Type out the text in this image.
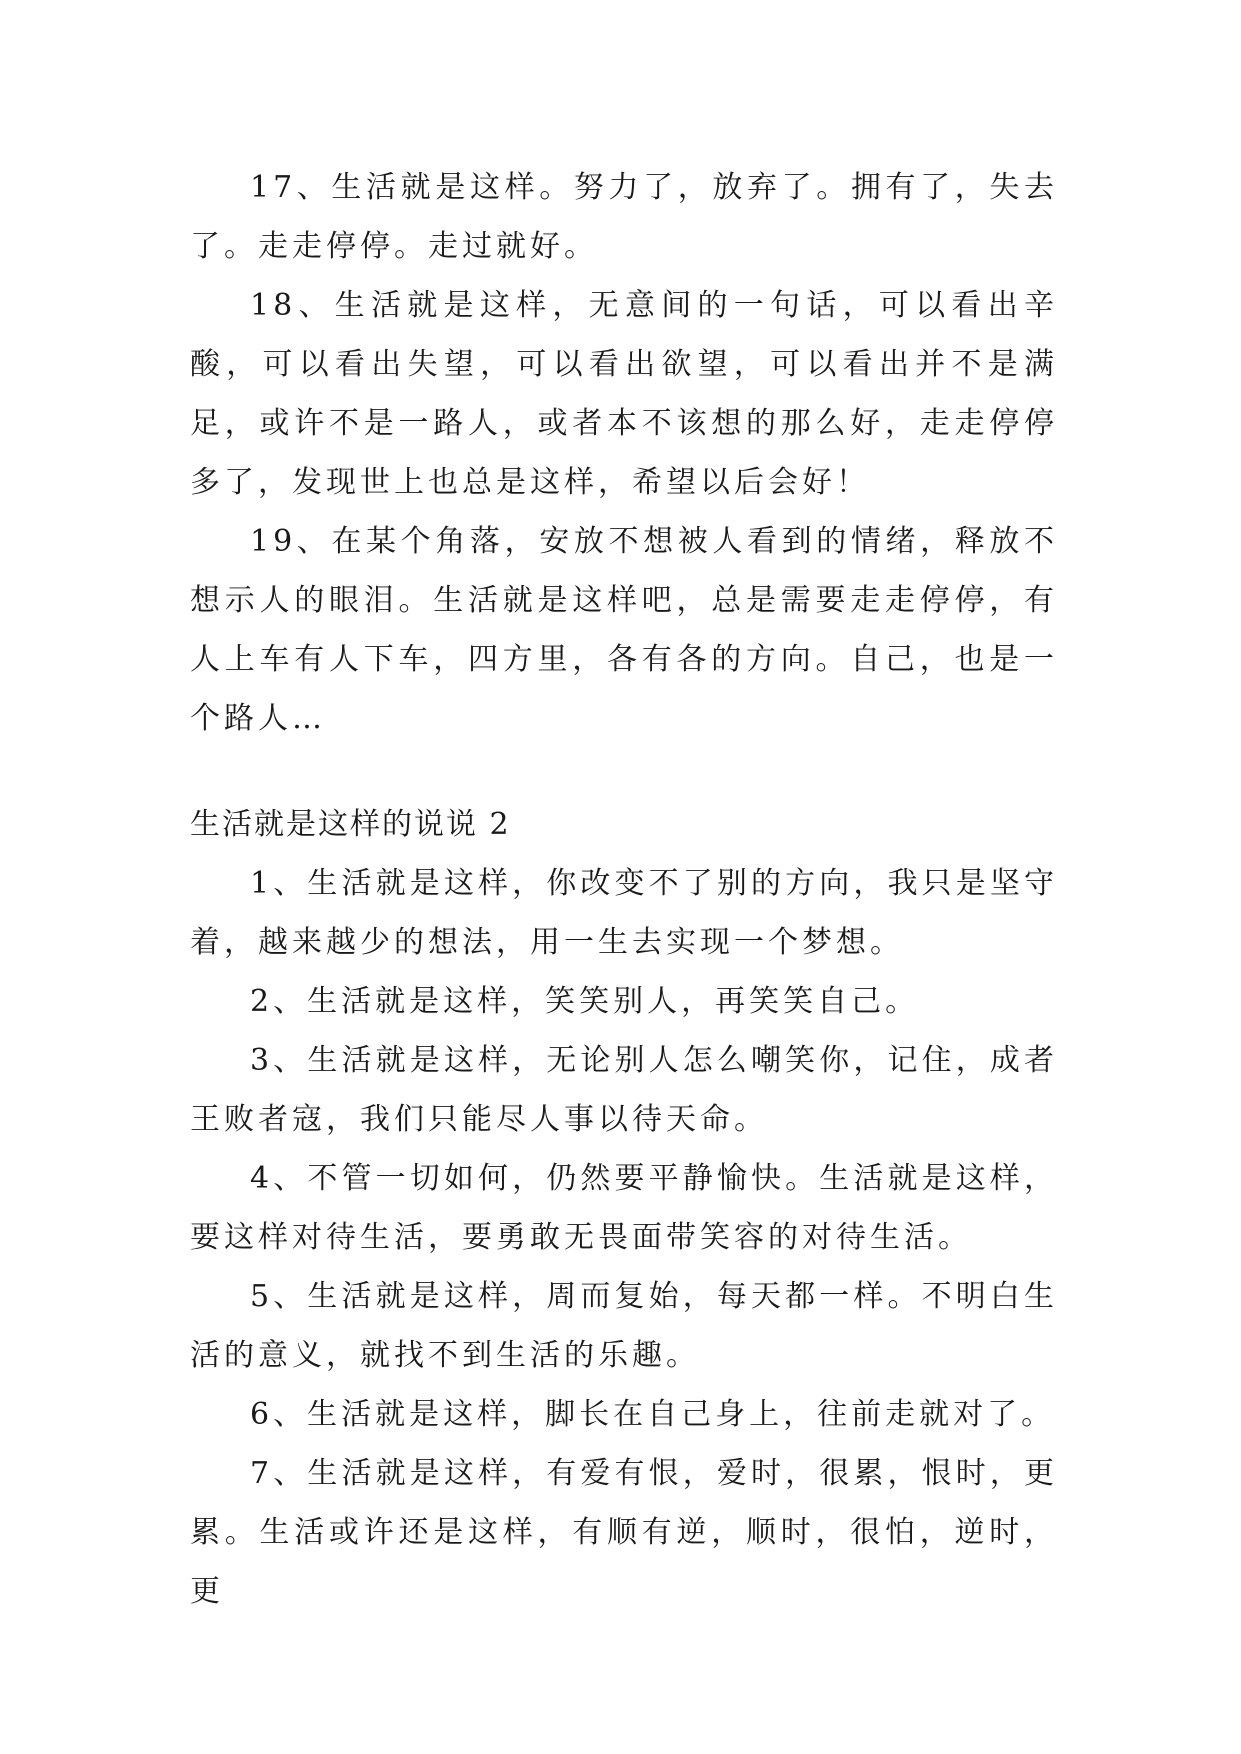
17、生活就是这样。努力了，放弃了。拥有了，失去了。走走停停。走过就好。

18、生活就是这样，无意间的一句话，可以看出辛酸，可以看出失望，可以看出欲望，可以看出并不是满足，或许不是一路人，或者本不该想的那么好，走走停停多了，发现世上也总是这样，希望以后会好！

19、在某个角落，安放不想被人看到的情绪，释放不想示人的眼泪。生活就是这样吧，总是需要走走停停，有人上车有人下车，四方里，各有各的方向。自己，也是一个路人…

生活就是这样的说说 2

1、生活就是这样，你改变不了别的方向，我只是坚守着，越来越少的想法，用一生去实现一个梦想。

2、生活就是这样，笑笑别人，再笑笑自己。

3、生活就是这样，无论别人怎么嘲笑你，记住，成者王败者寇，我们只能尽人事以待天命。

4、不管一切如何，仍然要平静愉快。生活就是这样，要这样对待生活，要勇敢无畏面带笑容的对待生活。

5、生活就是这样，周而复始，每天都一样。不明白生活的意义，就找不到生活的乐趣。

6、生活就是这样，脚长在自己身上，往前走就对了。

7、生活就是这样，有爱有恨，爱时，很累，恨时，更累。生活或许还是这样，有顺有逆，顺时，很怕，逆时，更
